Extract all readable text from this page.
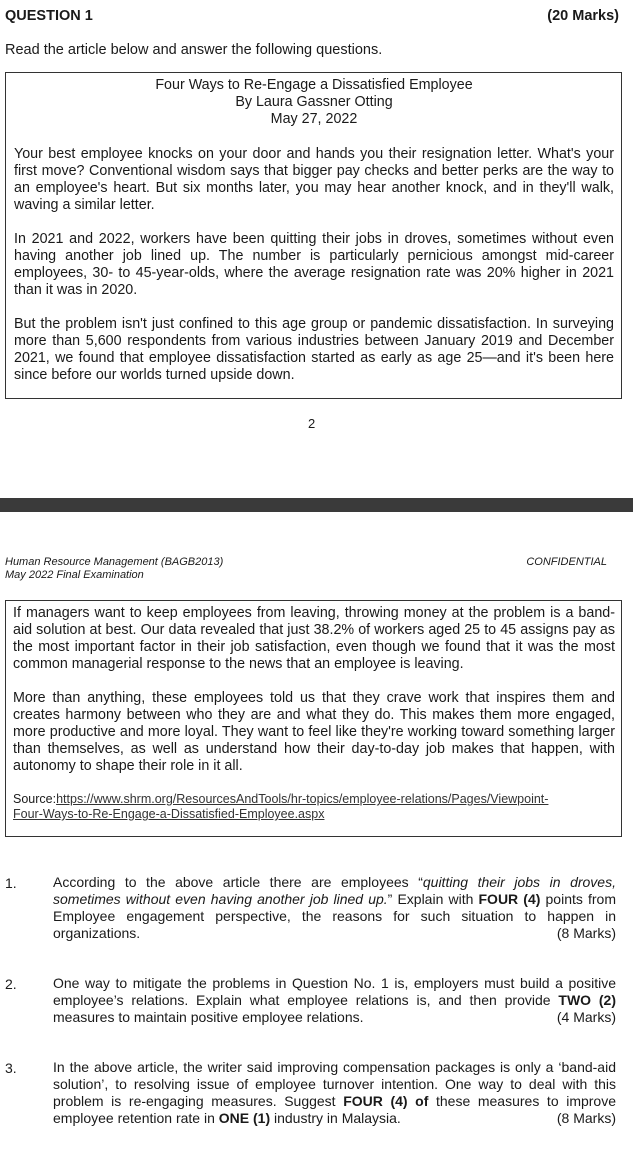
QUESTION 1	(20 Marks)
Read the article below and answer the following questions.
Four Ways to Re-Engage a Dissatisfied Employee
By Laura Gassner Otting
May 27, 2022

Your best employee knocks on your door and hands you their resignation letter. What's your first move? Conventional wisdom says that bigger pay checks and better perks are the way to an employee's heart. But six months later, you may hear another knock, and in they'll walk, waving a similar letter.

In 2021 and 2022, workers have been quitting their jobs in droves, sometimes without even having another job lined up. The number is particularly pernicious amongst mid-career employees, 30- to 45-year-olds, where the average resignation rate was 20% higher in 2021 than it was in 2020.

But the problem isn't just confined to this age group or pandemic dissatisfaction. In surveying more than 5,600 respondents from various industries between January 2019 and December 2021, we found that employee dissatisfaction started as early as age 25—and it's been here since before our worlds turned upside down.

2
Human Resource Management (BAGB2013)
May 2022 Final Examination
CONFIDENTIAL

If managers want to keep employees from leaving, throwing money at the problem is a band-aid solution at best. Our data revealed that just 38.2% of workers aged 25 to 45 assigns pay as the most important factor in their job satisfaction, even though we found that it was the most common managerial response to the news that an employee is leaving.

More than anything, these employees told us that they crave work that inspires them and creates harmony between who they are and what they do. This makes them more engaged, more productive and more loyal. They want to feel like they're working toward something larger than themselves, as well as understand how their day-to-day job makes that happen, with autonomy to shape their role in it all.

Source:https://www.shrm.org/ResourcesAndTools/hr-topics/employee-relations/Pages/Viewpoint-
Four-Ways-to-Re-Engage-a-Dissatisfied-Employee.aspx
1.	According to the above article there are employees “quitting their jobs in droves, sometimes without even having another job lined up.” Explain with FOUR (4) points from Employee engagement perspective, the reasons for such situation to happen in organizations.	(8 Marks)
2.	One way to mitigate the problems in Question No. 1 is, employers must build a positive employee’s relations. Explain what employee relations is, and then provide TWO (2) measures to maintain positive employee relations.	(4 Marks)
3.	In the above article, the writer said improving compensation packages is only a ‘band-aid solution’, to resolving issue of employee turnover intention. One way to deal with this problem is re-engaging measures. Suggest FOUR (4) of these measures to improve employee retention rate in ONE (1) industry in Malaysia.	(8 Marks)
